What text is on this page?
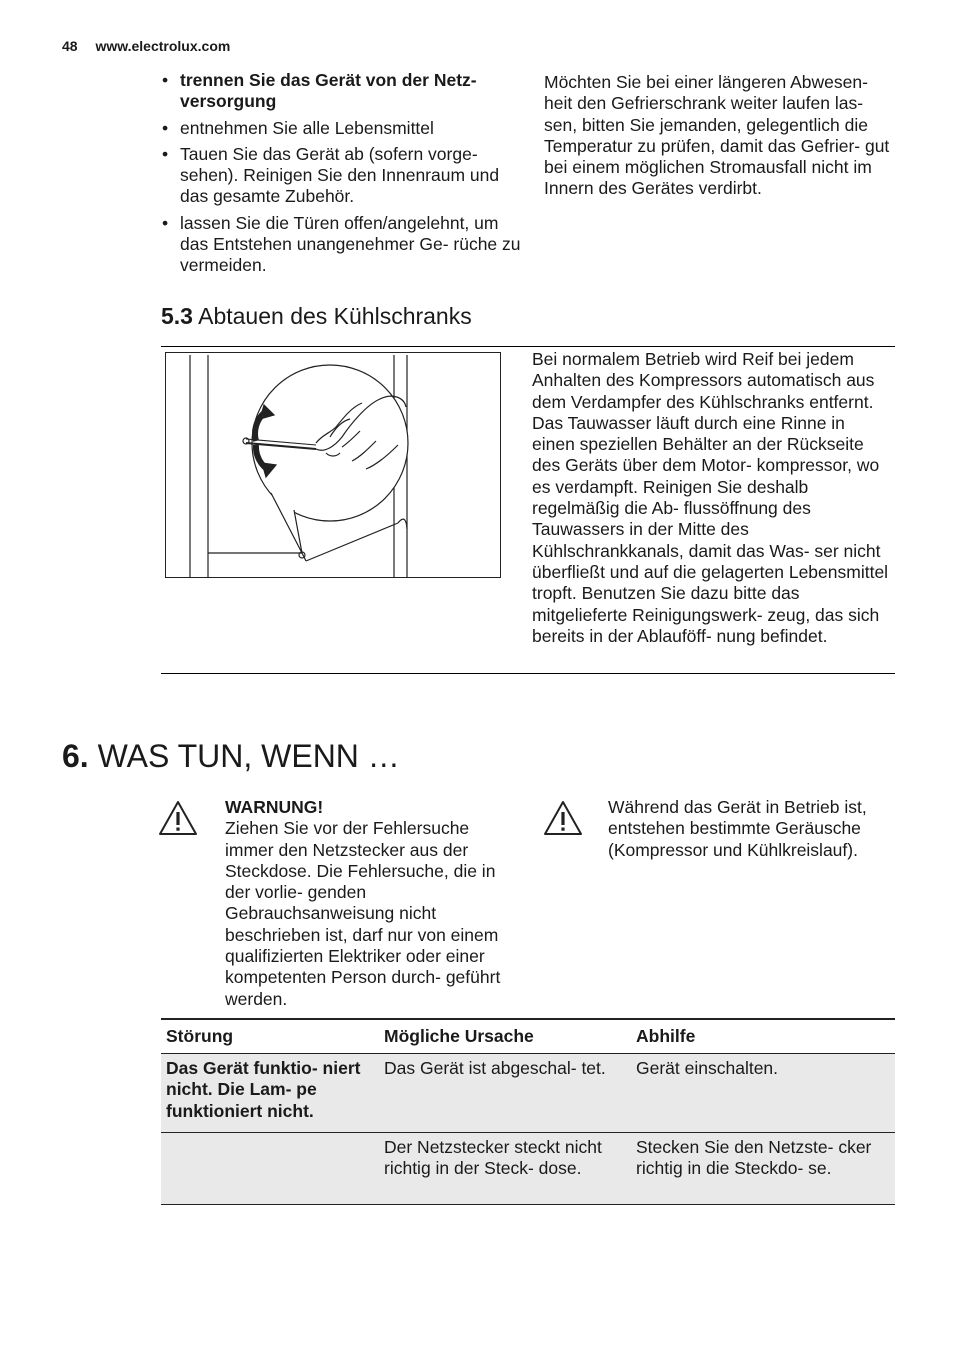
48 www.electrolux.com
• trennen Sie das Gerät von der Netz- versorgung
• entnehmen Sie alle Lebensmittel
• Tauen Sie das Gerät ab (sofern vorge- sehen). Reinigen Sie den Innenraum und das gesamte Zubehör.
• lassen Sie die Türen offen/angelehnt, um das Entstehen unangenehmer Ge- rüche zu vermeiden.
Möchten Sie bei einer längeren Abwesen- heit den Gefrierschrank weiter laufen las- sen, bitten Sie jemanden, gelegentlich die Temperatur zu prüfen, damit das Gefrier- gut bei einem möglichen Stromausfall nicht im Innern des Gerätes verdirbt.
5.3 Abtauen des Kühlschranks
Bei normalem Betrieb wird Reif bei jedem Anhalten des Kompressors automatisch aus dem Verdampfer des Kühlschranks entfernt. Das Tauwasser läuft durch eine Rinne in einen speziellen Behälter an der Rückseite des Geräts über dem Motor- kompressor, wo es verdampft. Reinigen Sie deshalb regelmäßig die Ab- flussöffnung des Tauwassers in der Mitte des Kühlschrankkanals, damit das Was- ser nicht überfließt und auf die gelagerten Lebensmittel tropft. Benutzen Sie dazu bitte das mitgelieferte Reinigungswerk- zeug, das sich bereits in der Ablauföff- nung befindet.
6. WAS TUN, WENN …
WARNUNG!
Ziehen Sie vor der Fehlersuche immer den Netzstecker aus der Steckdose. Die Fehlersuche, die in der vorlie- genden Gebrauchsanweisung nicht beschrieben ist, darf nur von einem qualifizierten Elektriker oder einer kompetenten Person durch- geführt werden.
Während das Gerät in Betrieb ist, entstehen bestimmte Geräusche (Kompressor und Kühlkreislauf).
Störung	Mögliche Ursache	Abhilfe
Das Gerät funktio- niert nicht. Die Lam- pe funktioniert nicht.	Das Gerät ist abgeschal- tet.	Gerät einschalten.
	Der Netzstecker steckt nicht richtig in der Steck- dose.	Stecken Sie den Netzste- cker richtig in die Steckdo- se.
